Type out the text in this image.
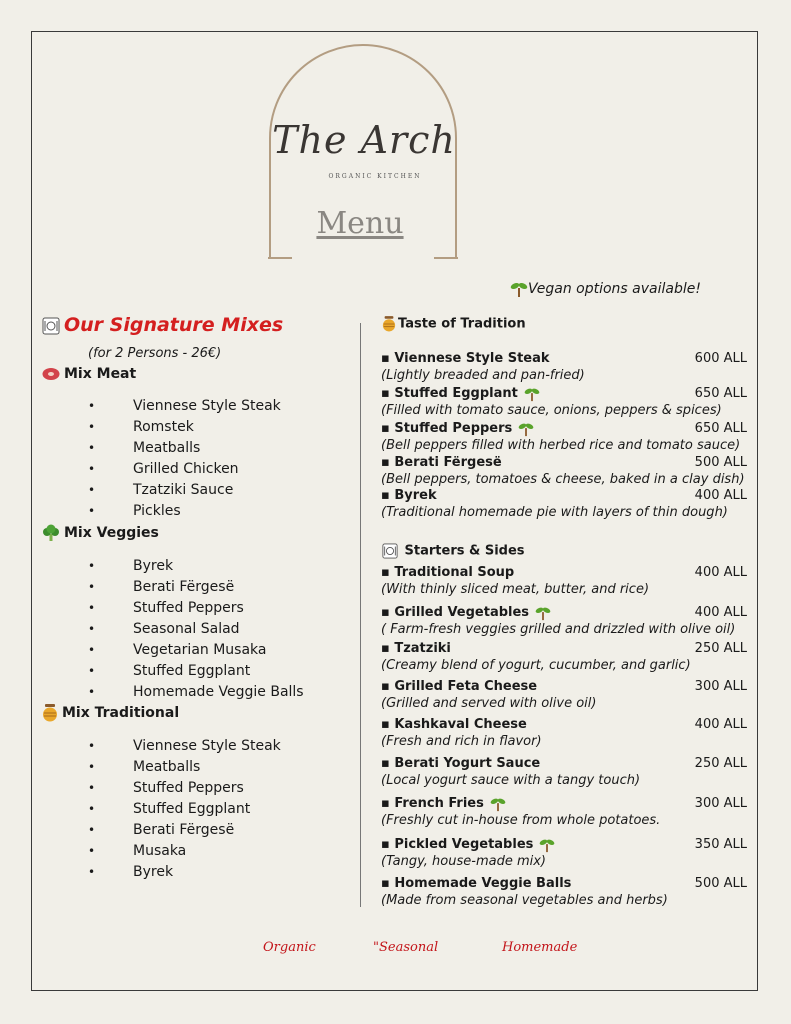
The Arch
ORGANIC KITCHEN
Menu
Vegan options available!
Our Signature Mixes
(for 2 Persons - 26€)
Mix Meat
•	Viennese Style Steak
•	Romstek
•	Meatballs
•	Grilled Chicken
•	Tzatziki Sauce
•	Pickles
Mix Veggies
•	Byrek
•	Berati Fërgesë
•	Stuffed Peppers
•	Seasonal Salad
•	Vegetarian Musaka
•	Stuffed Eggplant
•	Homemade Veggie Balls
Mix Traditional
•	Viennese Style Steak
•	Meatballs
•	Stuffed Peppers
•	Stuffed Eggplant
•	Berati Fërgesë
•	Musaka
•	Byrek
Taste of Tradition
▪ Viennese Style Steak	600 ALL
(Lightly breaded and pan-fried)
▪ Stuffed Eggplant	650 ALL
(Filled with tomato sauce, onions, peppers & spices)
▪ Stuffed Peppers	650 ALL
(Bell peppers filled with herbed rice and tomato sauce)
▪ Berati Fërgesë	500 ALL
(Bell peppers, tomatoes & cheese, baked in a clay dish)
▪ Byrek	400 ALL
(Traditional homemade pie with layers of thin dough)
Starters & Sides
▪ Traditional Soup	400 ALL
(With thinly sliced meat, butter, and rice)
▪ Grilled Vegetables	400 ALL
( Farm-fresh veggies grilled and drizzled with olive oil)
▪ Tzatziki	250 ALL
(Creamy blend of yogurt, cucumber, and garlic)
▪ Grilled Feta Cheese	300 ALL
(Grilled and served with olive oil)
▪ Kashkaval Cheese	400 ALL
(Fresh and rich in flavor)
▪ Berati Yogurt Sauce	250 ALL
(Local yogurt sauce with a tangy touch)
▪ French Fries	300 ALL
(Freshly cut in-house from whole potatoes.
▪ Pickled Vegetables	350 ALL
(Tangy, house-made mix)
▪ Homemade Veggie Balls	500 ALL
(Made from seasonal vegetables and herbs)
Organic	"Seasonal	Homemade
